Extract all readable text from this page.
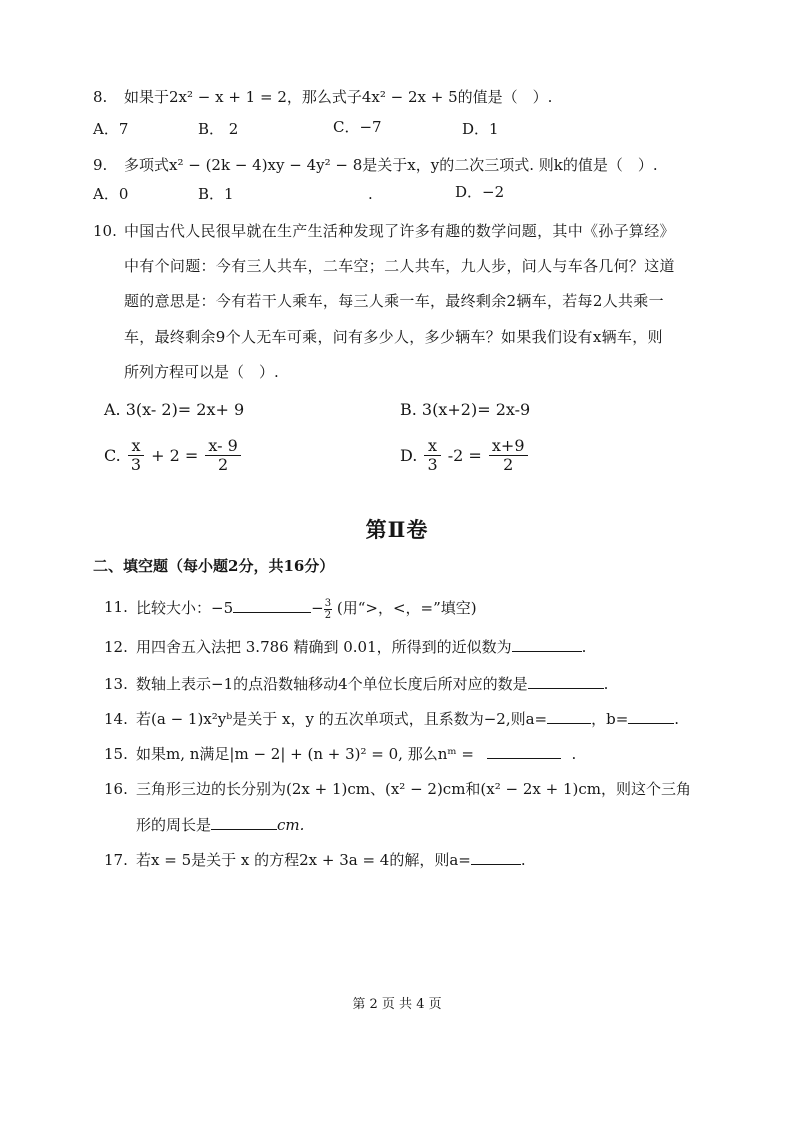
8. 如果于2x² − x + 1 = 2，那么式子4x² − 2x + 5的值是（　）.
A．7	B． 2	C．−7	D．1
9. 多项式x² − (2k − 4)xy − 4y² − 8是关于x，y的二次三项式. 则k的值是（　）.
A．0	B．1	.	D．−2
10. 中国古代人民很早就在生产生活种发现了许多有趣的数学问题，其中《孙子算经》
中有个问题：今有三人共车，二车空；二人共车，九人步，问人与车各几何？这道
题的意思是：今有若干人乘车，每三人乘一车，最终剩余2辆车，若每2人共乘一
车，最终剩余9个人无车可乘，问有多少人，多少辆车？如果我们设有x辆车，则
所列方程可以是（　）.
A. 3(x- 2)= 2x+ 9	B. 3(x+2)= 2x-9
C. $\frac{x}{3} + 2 = \frac{x- 9}{2}$	D. $\frac{x}{3} -2 = \frac{x+9}{2}$
第Ⅱ卷
二、填空题（每小题2分，共16分）
11. 比较大小：−5	− $\frac{3}{2}$ (用“>，<，=”填空)
12. 用四舍五入法把 3.786 精确到 0.01，所得到的近似数为	.
13. 数轴上表示−1的点沿数轴移动4个单位长度后所对应的数是	.
14. 若(a − 1)x²yᵇ是关于 x，y 的五次单项式，且系数为−2,则a=	，b=	.
15. 如果m, n满足|m − 2| + (n + 3)² = 0, 那么nᵐ =	.
16. 三角形三边的长分别为(2x + 1)cm、(x² − 2)cm和(x² − 2x + 1)cm，则这个三角
形的周长是	cm.
17. 若x = 5是关于 x 的方程2x + 3a = 4的解，则a=	.
第 2 页 共 4 页
